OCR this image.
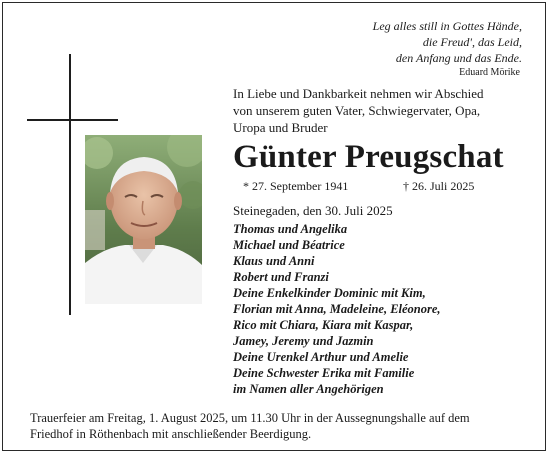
Leg alles still in Gottes Hände,
die Freud', das Leid,
den Anfang und das Ende.
Eduard Mörike
In Liebe und Dankbarkeit nehmen wir Abschied
von unserem guten Vater, Schwiegervater, Opa,
Uropa und Bruder
Günter Preugschat
* 27. September 1941	† 26. Juli 2025
Steinegaden, den 30. Juli 2025
Thomas und Angelika
Michael und Béatrice
Klaus und Anni
Robert und Franzi
Deine Enkelkinder Dominic mit Kim,
Florian mit Anna, Madeleine, Eléonore,
Rico mit Chiara, Kiara mit Kaspar,
Jamey, Jeremy und Jazmin
Deine Urenkel Arthur und Amelie
Deine Schwester Erika mit Familie
im Namen aller Angehörigen
Trauerfeier am Freitag, 1. August 2025, um 11.30 Uhr in der Aussegnungshalle auf dem
Friedhof in Röthenbach mit anschließender Beerdigung.
